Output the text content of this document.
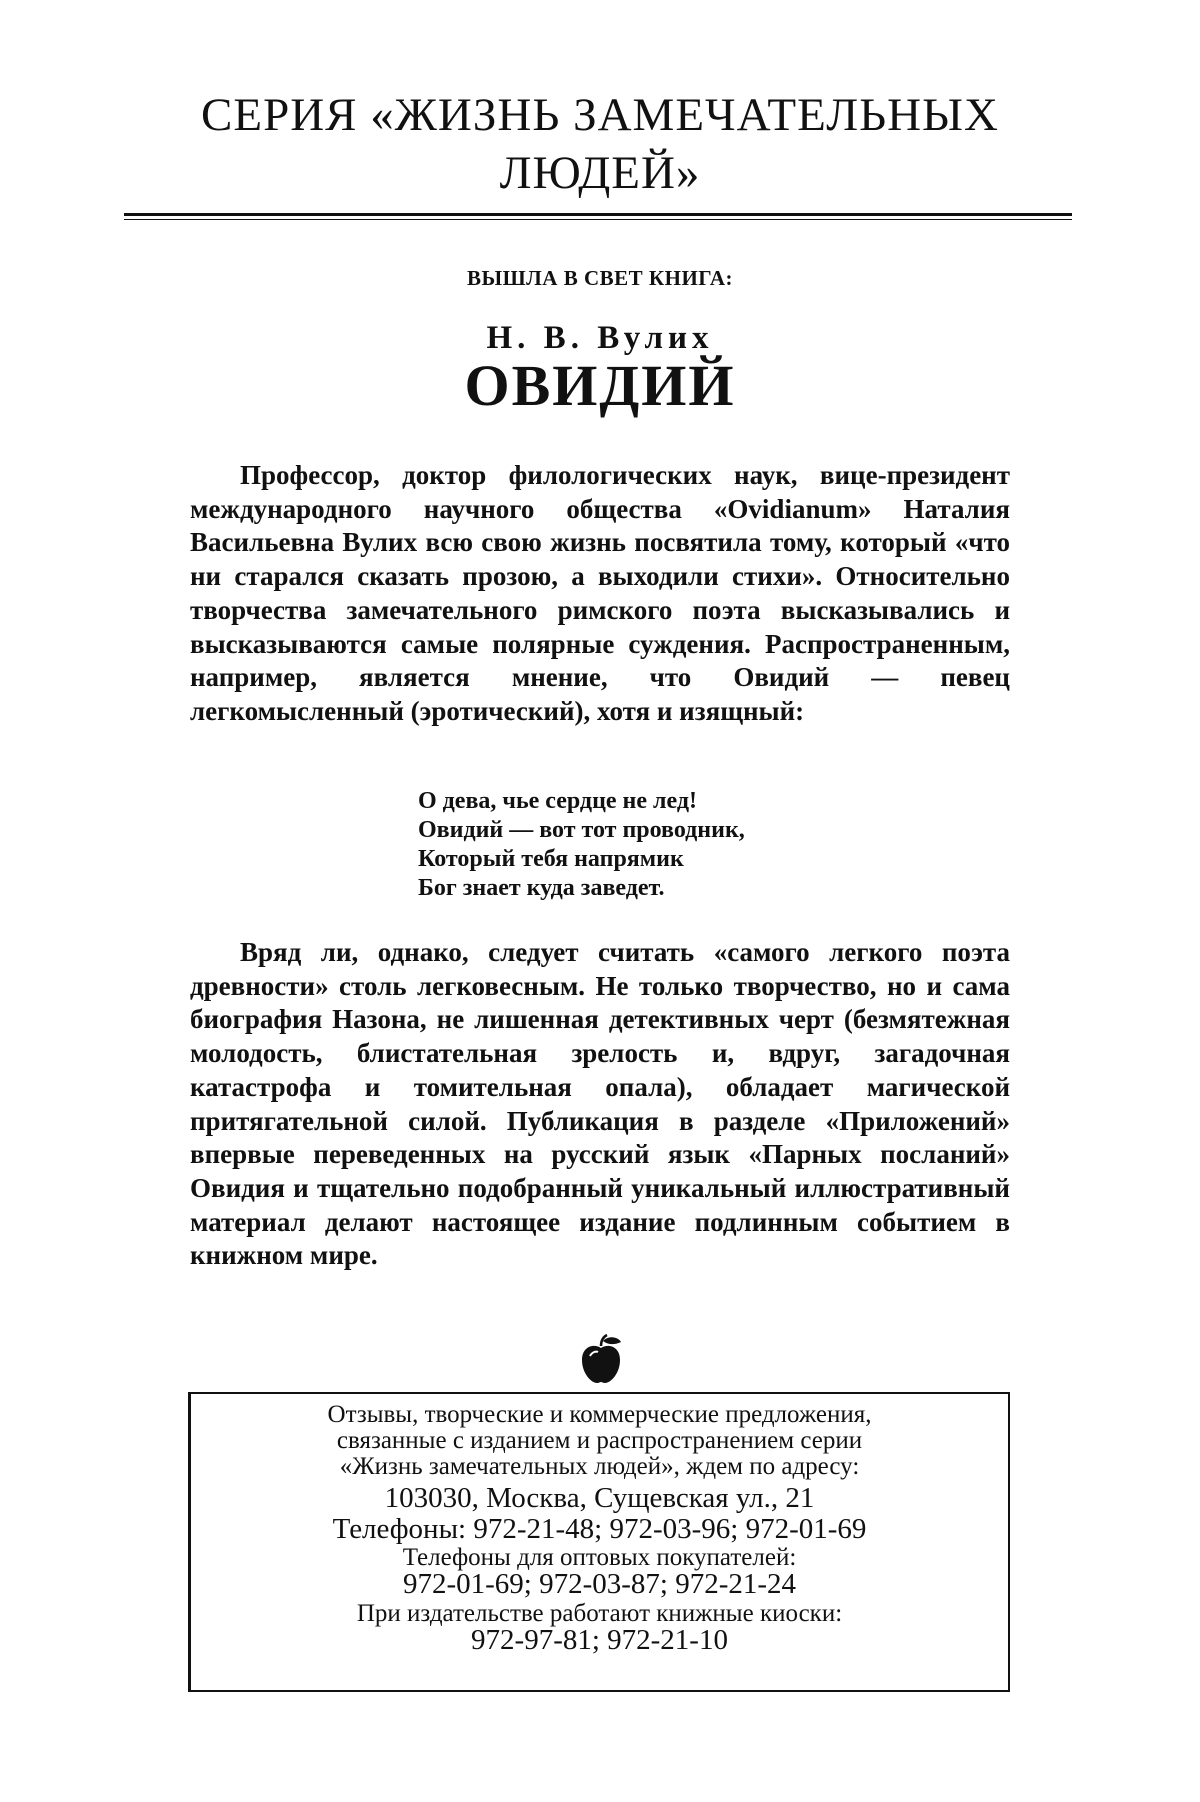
СЕРИЯ «ЖИЗНЬ ЗАМЕЧАТЕЛЬНЫХ
ЛЮДЕЙ»
ВЫШЛА В СВЕТ КНИГА:
Н. В. Вулих
ОВИДИЙ

Профессор, доктор филологических наук, вице-президент международного научного общества «Ovidianum» Наталия Васильевна Вулих всю свою жизнь посвятила тому, который «что ни старался сказать прозою, а выходили стихи». Относительно творчества замечательного римского поэта высказывались и высказываются самые полярные суждения. Распространенным, например, является мнение, что Овидий — певец легкомысленный (эротический), хотя и изящный:

О дева, чье сердце не лед!
Овидий — вот тот проводник,
Который тебя напрямик
Бог знает куда заведет.

Вряд ли, однако, следует считать «самого легкого поэта древности» столь легковесным. Не только творчество, но и сама биография Назона, не лишенная детективных черт (безмятежная молодость, блистательная зрелость и, вдруг, загадочная катастрофа и томительная опала), обладает магической притягательной силой. Публикация в разделе «Приложений» впервые переведенных на русский язык «Парных посланий» Овидия и тщательно подобранный уникальный иллюстративный материал делают настоящее издание подлинным событием в книжном мире.

Отзывы, творческие и коммерческие предложения,
связанные с изданием и распространением серии
«Жизнь замечательных людей», ждем по адресу:
103030, Москва, Сущевская ул., 21
Телефоны: 972-21-48; 972-03-96; 972-01-69
Телефоны для оптовых покупателей:
972-01-69; 972-03-87; 972-21-24
При издательстве работают книжные киоски:
972-97-81; 972-21-10
